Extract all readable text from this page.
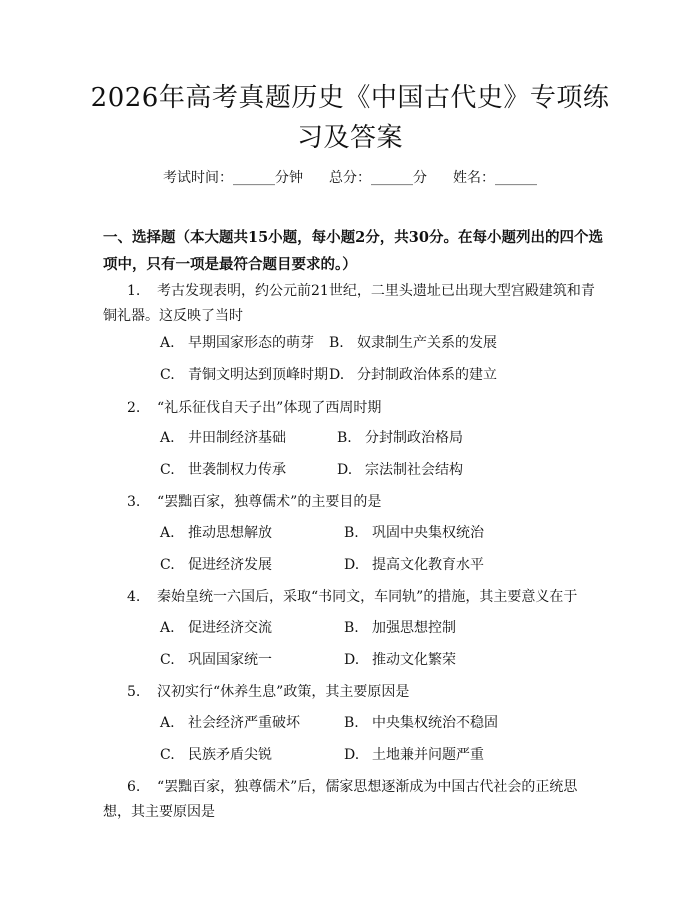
2026年高考真题历史《中国古代史》专项练
习及答案
考试时间：______分钟 总分：______分 姓名：______
一、选择题（本大题共15小题，每小题2分，共30分。在每小题列出的四个选
项中，只有一项是最符合题目要求的。）
1. 考古发现表明，约公元前21世纪，二里头遗址已出现大型宫殿建筑和青
铜礼器。这反映了当时
A. 早期国家形态的萌芽 B. 奴隶制生产关系的发展
C. 青铜文明达到顶峰时期 D. 分封制政治体系的建立
2. “礼乐征伐自天子出”体现了西周时期
A. 井田制经济基础	B. 分封制政治格局
C. 世袭制权力传承	D. 宗法制社会结构
3. “罢黜百家，独尊儒术”的主要目的是
A. 推动思想解放	B. 巩固中央集权统治
C. 促进经济发展	D. 提高文化教育水平
4. 秦始皇统一六国后，采取“书同文，车同轨”的措施，其主要意义在于
A. 促进经济交流	B. 加强思想控制
C. 巩固国家统一	D. 推动文化繁荣
5. 汉初实行“休养生息”政策，其主要原因是
A. 社会经济严重破坏	B. 中央集权统治不稳固
C. 民族矛盾尖锐	D. 土地兼并问题严重
6. “罢黜百家，独尊儒术”后，儒家思想逐渐成为中国古代社会的正统思
想，其主要原因是
